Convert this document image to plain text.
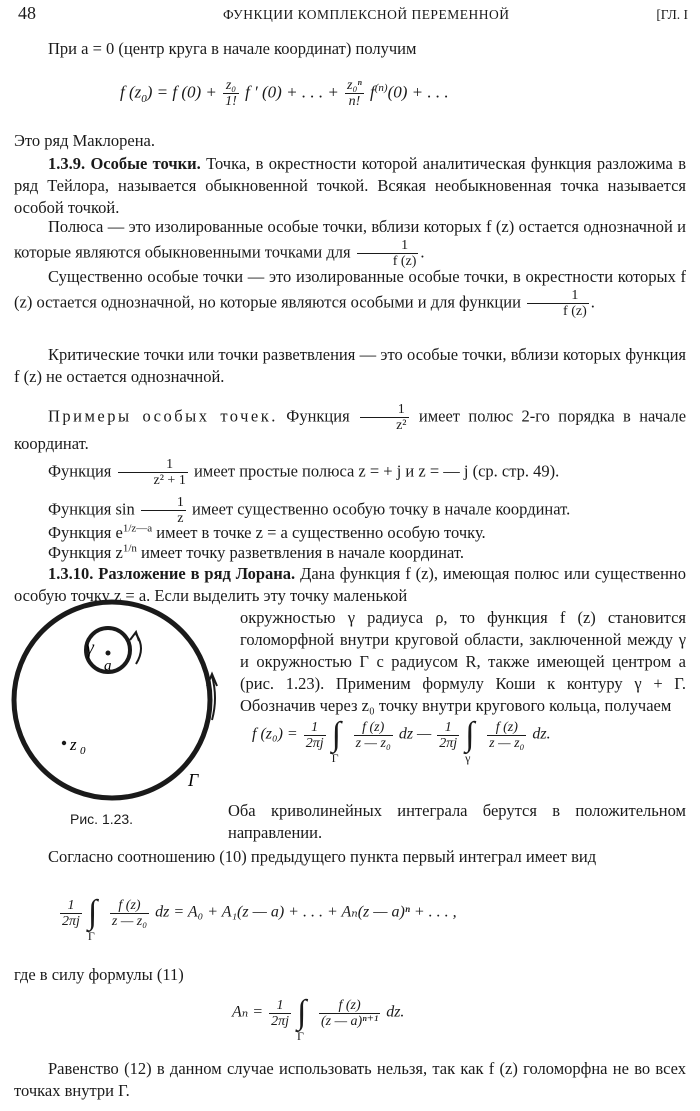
48	ФУНКЦИИ КОМПЛЕКСНОЙ ПЕРЕМЕННОЙ	[ГЛ. I
При a = 0 (центр круга в начале координат) получим
f $(z_0) = f$ $(0) + \frac{\text{z₀}}{1!}$ f ′ (0) + . . . + $\frac{\text{z₀ⁿ}}{n!} f^{(n)}(0)$ + . . .
Это ряд Маклорена.
1.3.9. Особые точки. Точка, в окрестности которой аналитическая функция разложима в ряд Тейлора, называется обыкновенной точкой. Всякая необыкновенная точка называется особой точкой.
Полюса — это изолированные особые точки, вблизи которых f (z) остается однозначной и которые являются обыкновенными точками для $\frac{1}{f (z)}$ .
Существенно особые точки — это изолированные особые точки, в окрестности которых f (z) остается однозначной, но которые являются особыми и для функции $\frac{1}{f (z)}$ .
Критические точки или точки разветвления — это особые точки, вблизи которых функция f (z) не остается однозначной.
Примеры особых точек. Функция $\frac{1}{\text{z²}}$ имеет полюс 2-го порядка в начале координат.
Функция $\frac{1}{\text{z² + 1}}$ имеет простые полюса z = + j и z = — j (ср. стр. 49).
Функция $\sin \frac{1}{z}$ имеет существенно особую точку в начале координат.
Функция $e^{1/z—a}$ имеет в точке z = a существенно особую точку.
Функция $z^{1/n}$ имеет точку разветвления в начале координат.
1.3.10. Разложение в ряд Лорана. Дана функция f (z), имеющая полюс или существенно особую точку z = a. Если выделить эту точку маленькой
γ
a
z 0
Γ
окружностью γ радиуса ρ, то функция f (z) становится голоморфной внутри круговой области, заключенной между γ и окружностью Γ с радиусом R, также имеющей центром a (рис. 1.23). Применим формулу Коши к контуру γ + Γ. Обозначив через z₀ точку внутри кругового кольца, получаем
f $(z_0) = \frac{1}{2\pi j}$ ∫
Γ

$\frac{f (z)}{\text{z — z₀}}$ dz — $\frac{1}{2\pi j}$ ∫
γ

$\frac{f (z)}{\text{z — z₀}}$ dz.
Рис. 1.23.	Оба криволинейных интеграла берутся в положительном направлении.
Согласно соотношению (10) предыдущего пункта первый интеграл имеет вид
$\frac{1}{2\pi j}$ ∫
Γ

$\frac{f (z)}{\text{z — z₀}}$ dz = A₀ + A₁(z — a) + . . . + Aₙ(z — a)ⁿ + . . . ,
где в силу формулы (11)
$A_n = \frac{1}{2\pi j}$ ∫
Γ

$\frac{f (z)}{\text{(z — a)ⁿ⁺¹}}$ dz.
Равенство (12) в данном случае использовать нельзя, так как f (z) голоморфна не во всех точках внутри Γ.
